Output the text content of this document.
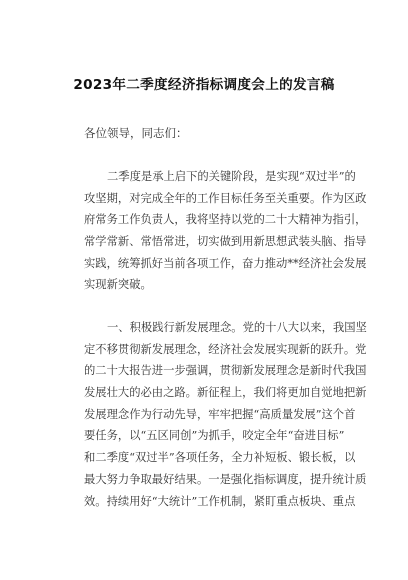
2023年二季度经济指标调度会上的发言稿
各位领导，同志们：
二季度是承上启下的关键阶段，是实现“双过半”的
攻坚期，对完成全年的工作目标任务至关重要。作为区政
府常务工作负责人，我将坚持以党的二十大精神为指引，
常学常新、常悟常进，切实做到用新思想武装头脑、指导
实践，统筹抓好当前各项工作，奋力推动**经济社会发展
实现新突破。
一、积极践行新发展理念。党的十八大以来，我国坚
定不移贯彻新发展理念，经济社会发展实现新的跃升。党
的二十大报告进一步强调，贯彻新发展理念是新时代我国
发展壮大的必由之路。新征程上，我们将更加自觉地把新
发展理念作为行动先导，牢牢把握“高质量发展”这个首
要任务，以“五区同创”为抓手，咬定全年“奋进目标”
和二季度“双过半”各项任务，全力补短板、锻长板，以
最大努力争取最好结果。一是强化指标调度，提升统计质
效。持续用好“大统计”工作机制，紧盯重点板块、重点
